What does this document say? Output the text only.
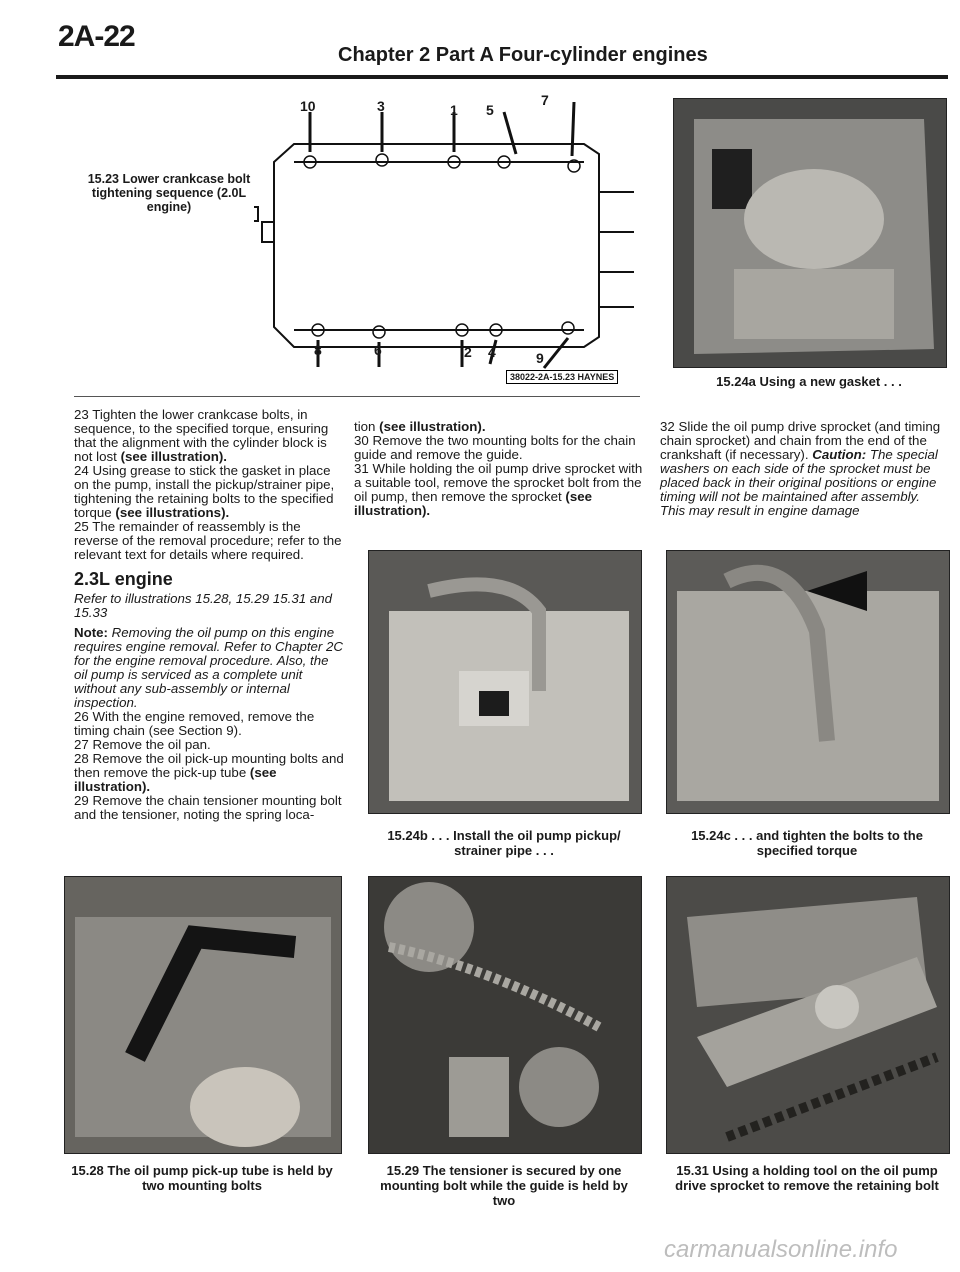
2A-22
Chapter 2 Part A Four-cylinder engines
15.23 Lower crankcase bolt tightening sequence (2.0L engine)
10	3	1 5
7
8	6	2 4	9
38022-2A-15.23 HAYNES	15.24a Using a new gasket . . .

23 Tighten the lower crankcase bolts, in sequence, to the specified torque, ensuring that the alignment with the cylinder block is not lost (see illustration).

24 Using grease to stick the gasket in place on the pump, install the pickup/strainer pipe, tightening the retaining bolts to the specified torque (see illustrations).

25 The remainder of reassembly is the reverse of the removal procedure; refer to the relevant text for details where required.

2.3L engine

Refer to illustrations 15.28, 15.29 15.31 and 15.33

Note: Removing the oil pump on this engine requires engine removal. Refer to Chapter 2C for the engine removal procedure. Also, the oil pump is serviced as a complete unit without any sub-assembly or internal inspection.

26 With the engine removed, remove the timing chain (see Section 9).

27 Remove the oil pan.

28 Remove the oil pick-up mounting bolts and then remove the pick-up tube (see illustration).

29 Remove the chain tensioner mounting bolt and the tensioner, noting the spring loca-

tion (see illustration).

30 Remove the two mounting bolts for the chain guide and remove the guide.

31 While holding the oil pump drive sprocket with a suitable tool, remove the sprocket bolt from the oil pump, then remove the sprocket (see illustration).

32 Slide the oil pump drive sprocket (and timing chain sprocket) and chain from the end of the crankshaft (if necessary). Caution: The special washers on each side of the sprocket must be placed back in their original positions or engine timing will not be maintained after assembly. This may result in engine damage

15.24b . . . Install the oil pump pickup/ strainer pipe . . .
15.24c . . . and tighten the bolts to the specified torque
15.28 The oil pump pick-up tube is held by two mounting bolts
15.29 The tensioner is secured by one mounting bolt while the guide is held by two
15.31 Using a holding tool on the oil pump drive sprocket to remove the retaining bolt
carmanualsonline.info
